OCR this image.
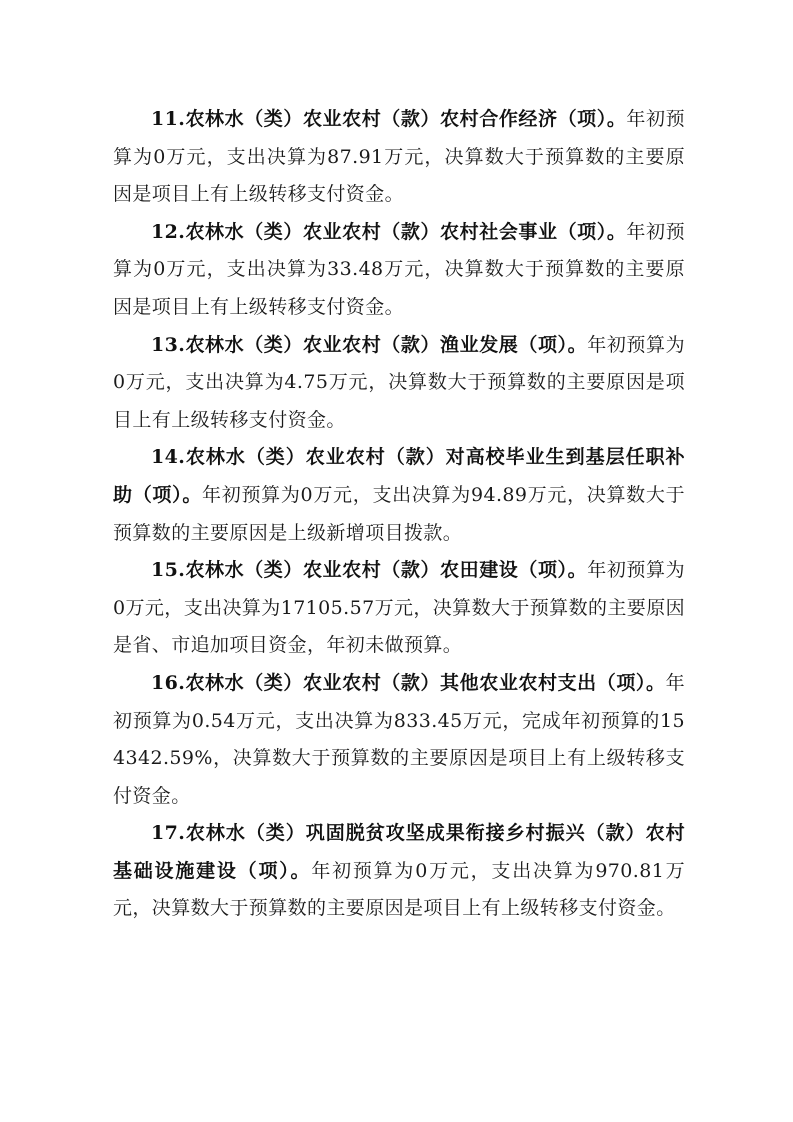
11.农林水（类）农业农村（款）农村合作经济（项）。年初预算为0万元，支出决算为87.91万元，决算数大于预算数的主要原因是项目上有上级转移支付资金。

12.农林水（类）农业农村（款）农村社会事业（项）。年初预算为0万元，支出决算为33.48万元，决算数大于预算数的主要原因是项目上有上级转移支付资金。

13.农林水（类）农业农村（款）渔业发展（项）。年初预算为0万元，支出决算为4.75万元，决算数大于预算数的主要原因是项目上有上级转移支付资金。

14.农林水（类）农业农村（款）对高校毕业生到基层任职补助（项）。年初预算为0万元，支出决算为94.89万元，决算数大于预算数的主要原因是上级新增项目拨款。

15.农林水（类）农业农村（款）农田建设（项）。年初预算为0万元，支出决算为17105.57万元，决算数大于预算数的主要原因是省、市追加项目资金，年初未做预算。

16.农林水（类）农业农村（款）其他农业农村支出（项）。年初预算为0.54万元，支出决算为833.45万元，完成年初预算的154342.59%，决算数大于预算数的主要原因是项目上有上级转移支付资金。

17.农林水（类）巩固脱贫攻坚成果衔接乡村振兴（款）农村基础设施建设（项）。年初预算为0万元，支出决算为970.81万元，决算数大于预算数的主要原因是项目上有上级转移支付资金。
